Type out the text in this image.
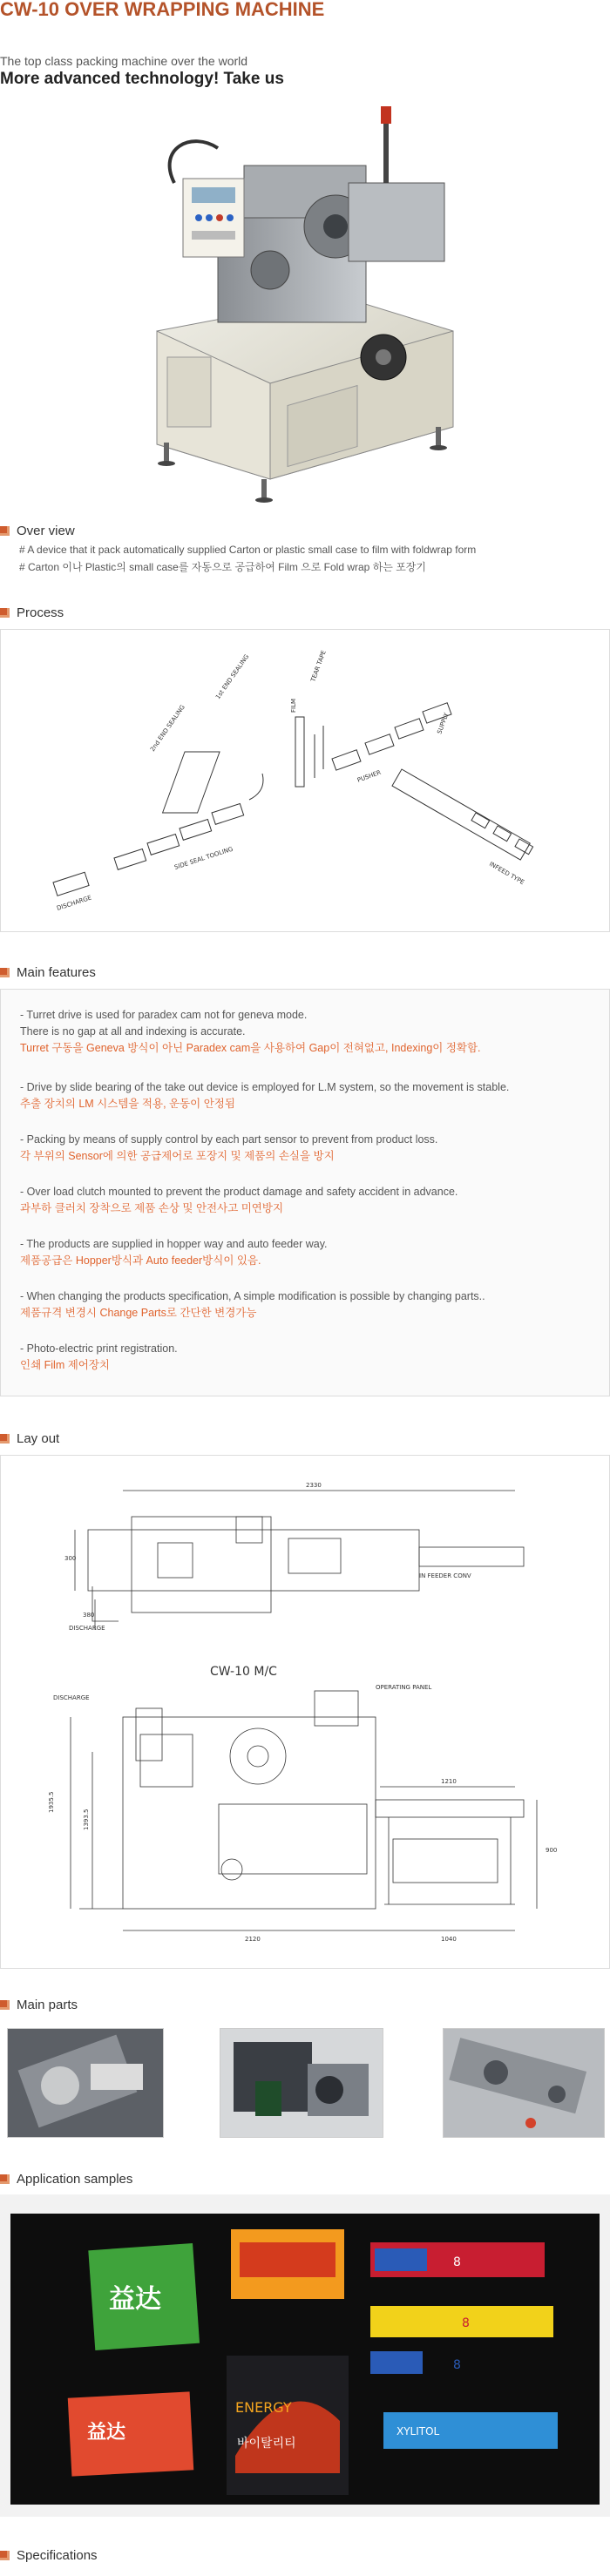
CW-10 OVER WRAPPING MACHINE
The top class packing machine over the world
More advanced technology! Take us
Over view
# A device that it pack automatically supplied Carton or plastic small case to film with foldwrap form
# Carton 이나 Plastic의 small case를 자동으로 공급하여 Film 으로 Fold wrap 하는 포장기
Process
DISCHARGE
SIDE SEAL TOOLING
2nd END SEALING
1st END SEALING
FILM
TEAR TAPE
PUSHER
SUPPLY
INFEED TYPE
Main features
- Turret drive is used for paradex cam not for geneva mode.
There is no gap at all and indexing is accurate.
Turret 구동을 Geneva 방식이 아닌 Paradex cam을 사용하여 Gap이 전혀없고, Indexing이 정확함.
- Drive by slide bearing of the take out device is employed for L.M system, so the movement is stable.
추출 장치의 LM 시스템을 적용, 운동이 안정됨
- Packing by means of supply control by each part sensor to prevent from product loss.
각 부위의 Sensor에 의한 공급제어로 포장지 및 제품의 손실을 방지
- Over load clutch mounted to prevent the product damage and safety accident in advance.
과부하 클러치 장착으로 제품 손상 및 안전사고 미연방지
- The products are supplied in hopper way and auto feeder way.
제품공급은 Hopper방식과 Auto feeder방식이 있음.
- When changing the products specification, A simple modification is possible by changing parts..
제품규격 변경시 Change Parts로 간단한 변경가능
- Photo-electric print registration.
인쇄 Film 제어장치
Lay out
2330
300
380
DISCHARGE
IN FEEDER CONV
CW-10 M/C
DISCHARGE
OPERATING PANEL
1935.5
1393.5
900
2120
1210
1040
Main parts
Application samples
益达
8
8
ENERGY
바이탈리티
益达	XYLITOL
8
Specifications
